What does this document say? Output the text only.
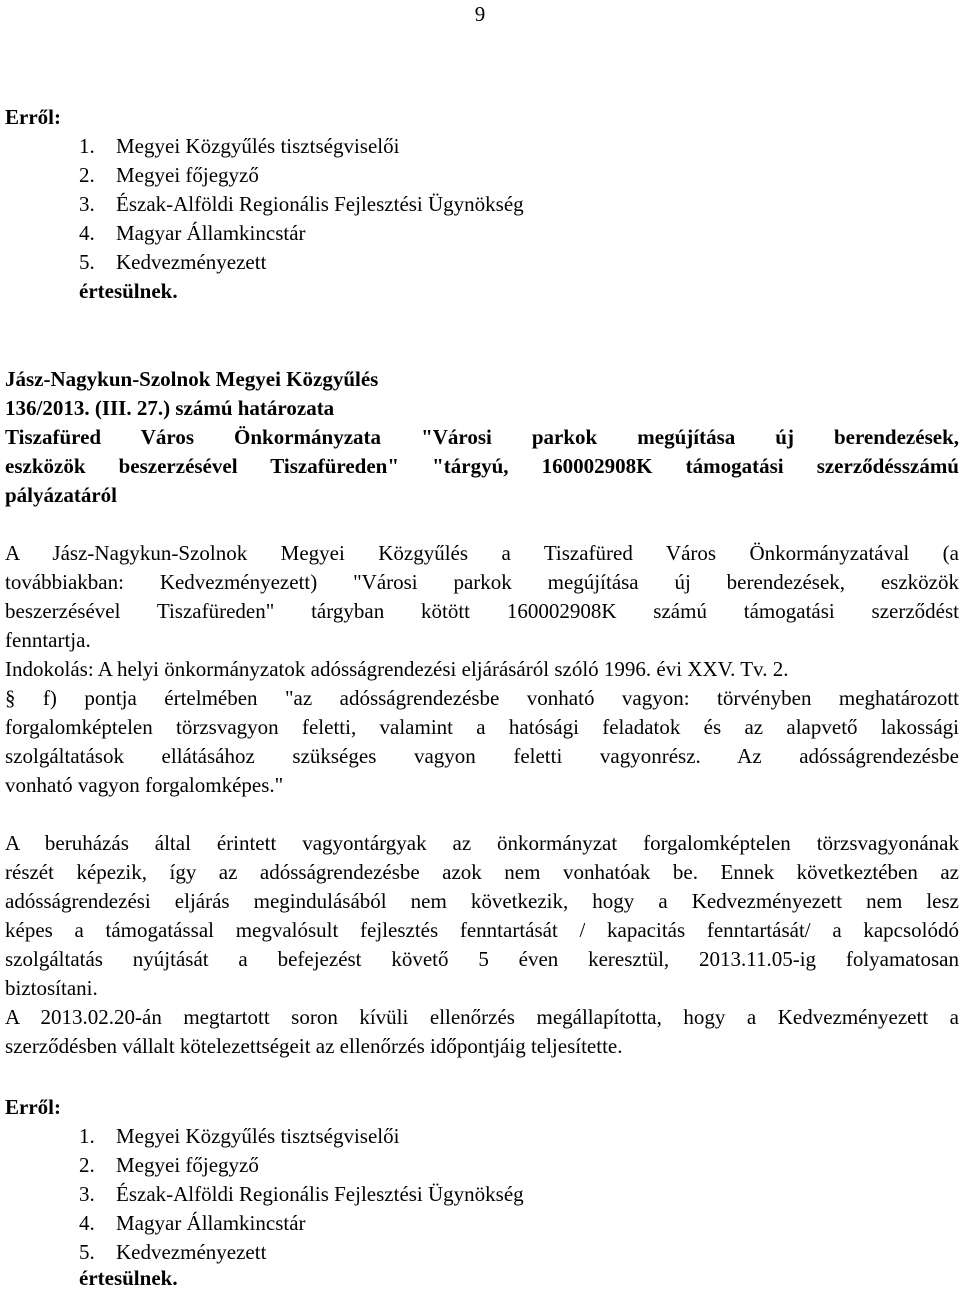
9
Erről:
1. Megyei Közgyűlés tisztségviselői
2. Megyei főjegyző
3. Észak-Alföldi Regionális Fejlesztési Ügynökség
4. Magyar Államkincstár
5. Kedvezményezett
értesülnek.
Jász-Nagykun-Szolnok Megyei Közgyűlés
136/2013. (III. 27.) számú határozata
Tiszafüred Város Önkormányzata "Városi parkok megújítása új berendezések,
eszközök beszerzésével Tiszafüreden" "tárgyú, 160002908K támogatási szerződésszámú
pályázatáról
A Jász-Nagykun-Szolnok Megyei Közgyűlés a Tiszafüred Város Önkormányzatával (a
továbbiakban: Kedvezményezett) "Városi parkok megújítása új berendezések, eszközök
beszerzésével Tiszafüreden" tárgyban kötött 160002908K számú támogatási szerződést
fenntartja.
Indokolás: A helyi önkormányzatok adósságrendezési eljárásáról szóló 1996. évi XXV. Tv. 2.
§ f) pontja értelmében "az adósságrendezésbe vonható vagyon: törvényben meghatározott
forgalomképtelen törzsvagyon feletti, valamint a hatósági feladatok és az alapvető lakossági
szolgáltatások ellátásához szükséges vagyon feletti vagyonrész. Az adósságrendezésbe
vonható vagyon forgalomképes."
A beruházás által érintett vagyontárgyak az önkormányzat forgalomképtelen törzsvagyonának
részét képezik, így az adósságrendezésbe azok nem vonhatóak be. Ennek következtében az
adósságrendezési eljárás megindulásából nem következik, hogy a Kedvezményezett nem lesz
képes a támogatással megvalósult fejlesztés fenntartását / kapacitás fenntartását/ a kapcsolódó
szolgáltatás nyújtását a befejezést követő 5 éven keresztül, 2013.11.05-ig folyamatosan
biztosítani.
A 2013.02.20-án megtartott soron kívüli ellenőrzés megállapította, hogy a Kedvezményezett a
szerződésben vállalt kötelezettségeit az ellenőrzés időpontjáig teljesítette.
Erről:
1. Megyei Közgyűlés tisztségviselői
2. Megyei főjegyző
3. Észak-Alföldi Regionális Fejlesztési Ügynökség
4. Magyar Államkincstár
5. Kedvezményezett
értesülnek.
